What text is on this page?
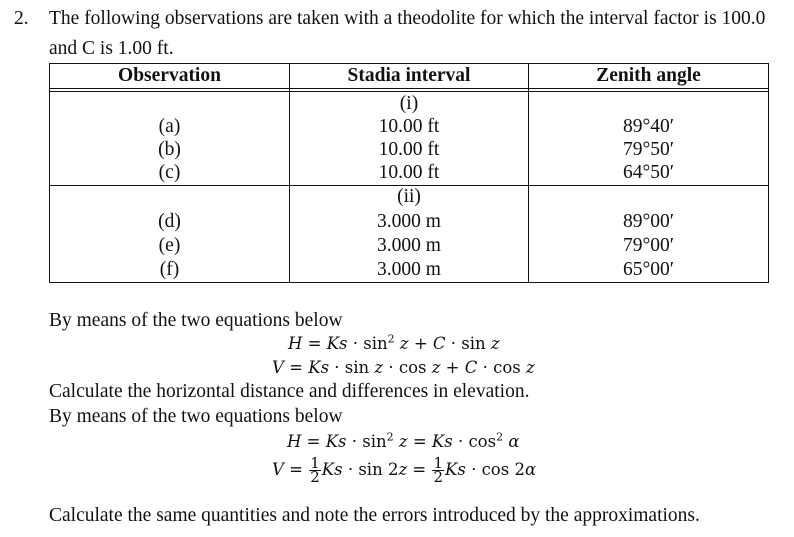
2. The following observations are taken with a theodolite for which the interval factor is 100.0
and C is 1.00 ft.
Observation	Stadia interval	Zenith angle
(i)
(a)	10.00 ft	89°40′
(b)	10.00 ft	79°50′
(c)	10.00 ft	64°50′
(ii)
(d)	3.000 m	89°00′
(e)	3.000 m	79°00′
(f)	3.000 m	65°00′
By means of the two equations below
$H = Ks \cdot \sin^2 z + C \cdot \sin z$
V = Ks · sin z · cos z + C · cos z
Calculate the horizontal distance and differences in elevation.
By means of the two equations below
$H = Ks \cdot \sin^2 z = Ks \cdot \cos^2 \alpha$
$V = \frac{1}{2}$ $Ks \cdot \sin 2z = \frac{1}{2}$ Ks · cos 2α
Calculate the same quantities and note the errors introduced by the approximations.
